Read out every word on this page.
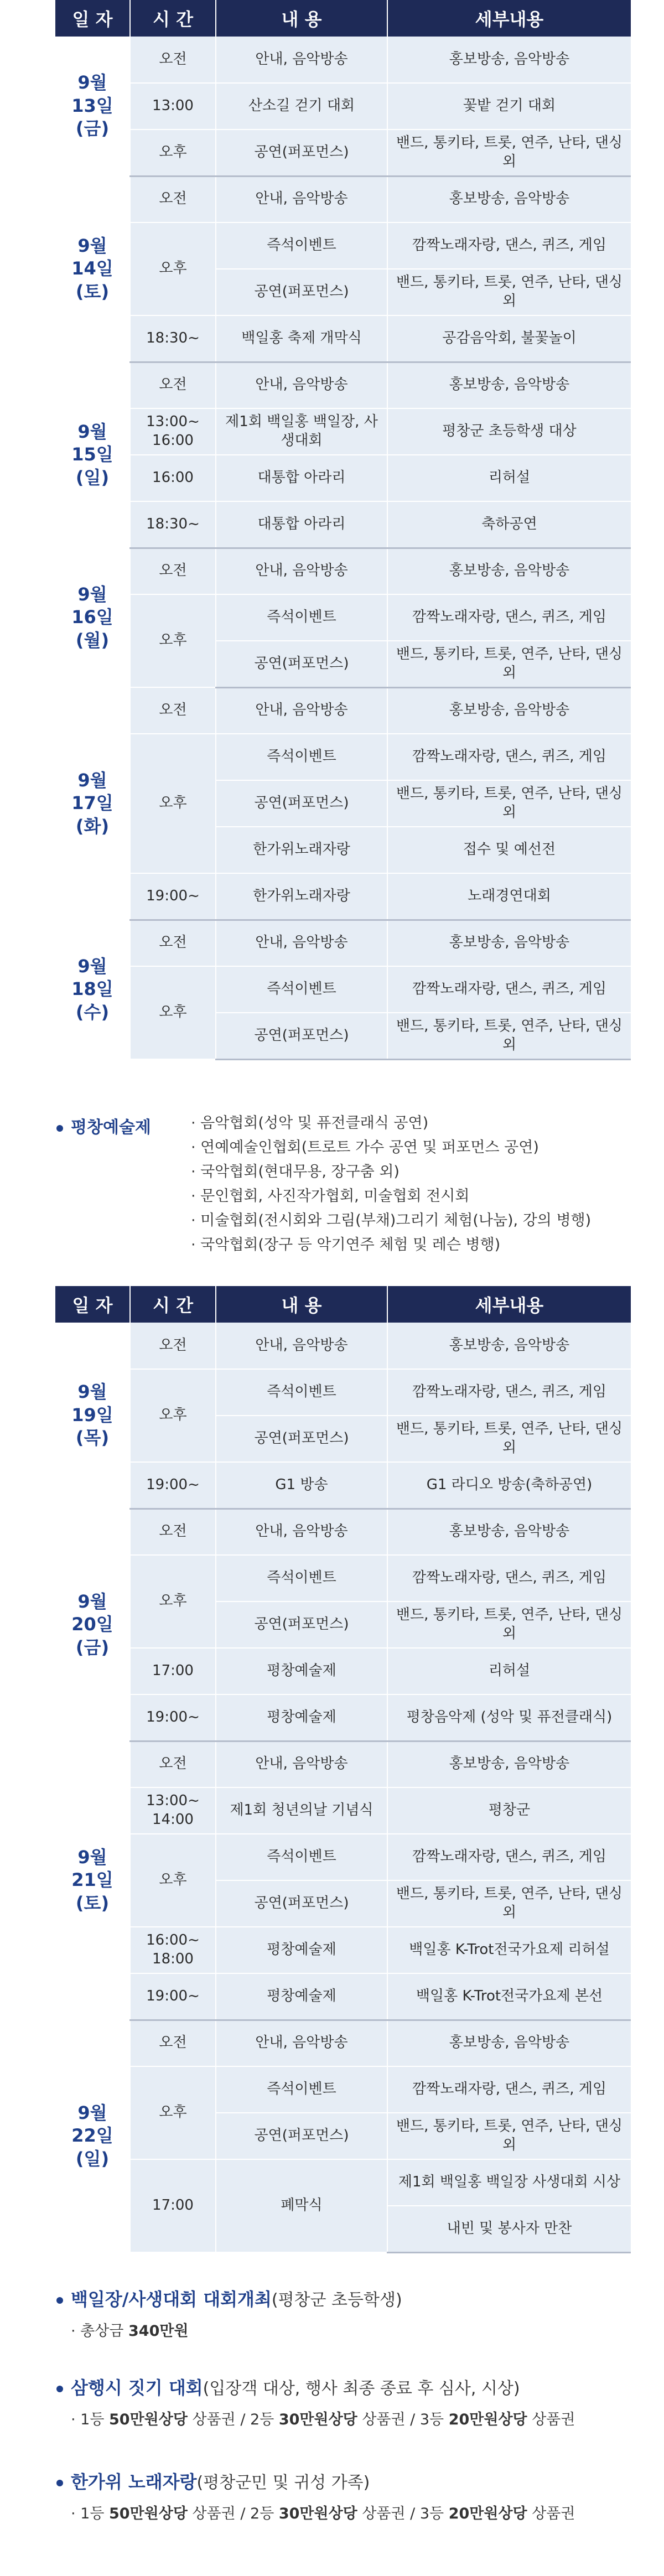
일 자	시 간	내 용	세부내용
9월
13일
(금)	오전	안내, 음악방송	홍보방송, 음악방송
	13:00	산소길 걷기 대회	꽃밭 걷기 대회
	오후	공연(퍼포먼스)	밴드, 통키타, 트롯, 연주, 난타, 댄싱 외
9월
14일
(토)	오전	안내, 음악방송	홍보방송, 음악방송
	오후	즉석이벤트	깜짝노래자랑, 댄스, 퀴즈, 게임
		공연(퍼포먼스)	밴드, 통키타, 트롯, 연주, 난타, 댄싱 외
	18:30~	백일홍 축제 개막식	공감음악회, 불꽃놀이
9월
15일
(일)	오전	안내, 음악방송	홍보방송, 음악방송
	13:00~ 16:00	제1회 백일홍 백일장, 사생대회	평창군 초등학생 대상
	16:00	대통합 아라리	리허설
	18:30~	대통합 아라리	축하공연
9월
16일
(월)	오전	안내, 음악방송	홍보방송, 음악방송
	오후	즉석이벤트	깜짝노래자랑, 댄스, 퀴즈, 게임
		공연(퍼포먼스)	밴드, 통키타, 트롯, 연주, 난타, 댄싱 외
9월
17일
(화)	오전	안내, 음악방송	홍보방송, 음악방송
	오후	즉석이벤트	깜짝노래자랑, 댄스, 퀴즈, 게임
		공연(퍼포먼스)	밴드, 통키타, 트롯, 연주, 난타, 댄싱 외
		한가위노래자랑	접수 및 예선전
	19:00~	한가위노래자랑	노래경연대회
9월
18일
(수)	오전	안내, 음악방송	홍보방송, 음악방송
	오후	즉석이벤트	깜짝노래자랑, 댄스, 퀴즈, 게임
		공연(퍼포먼스)	밴드, 통키타, 트롯, 연주, 난타, 댄싱 외
평창예술제	· 음악협회(성악 및 퓨전클래식 공연)
· 연예예술인협회(트로트 가수 공연 및 퍼포먼스 공연)
· 국악협회(현대무용, 장구춤 외)
· 문인협회, 사진작가협회, 미술협회 전시회
· 미술협회(전시회와 그림(부채)그리기 체험(나눔), 강의 병행)
· 국악협회(장구 등 악기연주 체험 및 레슨 병행)
일 자	시 간	내 용	세부내용
9월
19일
(목)	오전	안내, 음악방송	홍보방송, 음악방송
	오후	즉석이벤트	깜짝노래자랑, 댄스, 퀴즈, 게임
		공연(퍼포먼스)	밴드, 통키타, 트롯, 연주, 난타, 댄싱 외
	19:00~	G1 방송	G1 라디오 방송(축하공연)
9월
20일
(금)	오전	안내, 음악방송	홍보방송, 음악방송
	오후	즉석이벤트	깜짝노래자랑, 댄스, 퀴즈, 게임
		공연(퍼포먼스)	밴드, 통키타, 트롯, 연주, 난타, 댄싱 외
	17:00	평창예술제	리허설
	19:00~	평창예술제	평창음악제 (성악 및 퓨전클래식)
9월
21일
(토)	오전	안내, 음악방송	홍보방송, 음악방송
	13:00~ 14:00	제1회 청년의날 기념식	평창군
	오후	즉석이벤트	깜짝노래자랑, 댄스, 퀴즈, 게임
		공연(퍼포먼스)	밴드, 통키타, 트롯, 연주, 난타, 댄싱 외
	16:00~ 18:00	평창예술제	백일홍 K-Trot전국가요제 리허설
	19:00~	평창예술제	백일홍 K-Trot전국가요제 본선
9월
22일
(일)	오전	안내, 음악방송	홍보방송, 음악방송
	오후	즉석이벤트	깜짝노래자랑, 댄스, 퀴즈, 게임
		공연(퍼포먼스)	밴드, 통키타, 트롯, 연주, 난타, 댄싱 외
	17:00	폐막식	제1회 백일홍 백일장 사생대회 시상
			내빈 및 봉사자 만찬
백일장/사생대회 대회개최(평창군 초등학생)
· 총상금 340만원
삼행시 짓기 대회(입장객 대상, 행사 최종 종료 후 심사, 시상)
· 1등 50만원상당 상품권 / 2등 30만원상당 상품권 / 3등 20만원상당 상품권
한가위 노래자랑(평창군민 및 귀성 가족)
· 1등 50만원상당 상품권 / 2등 30만원상당 상품권 / 3등 20만원상당 상품권
